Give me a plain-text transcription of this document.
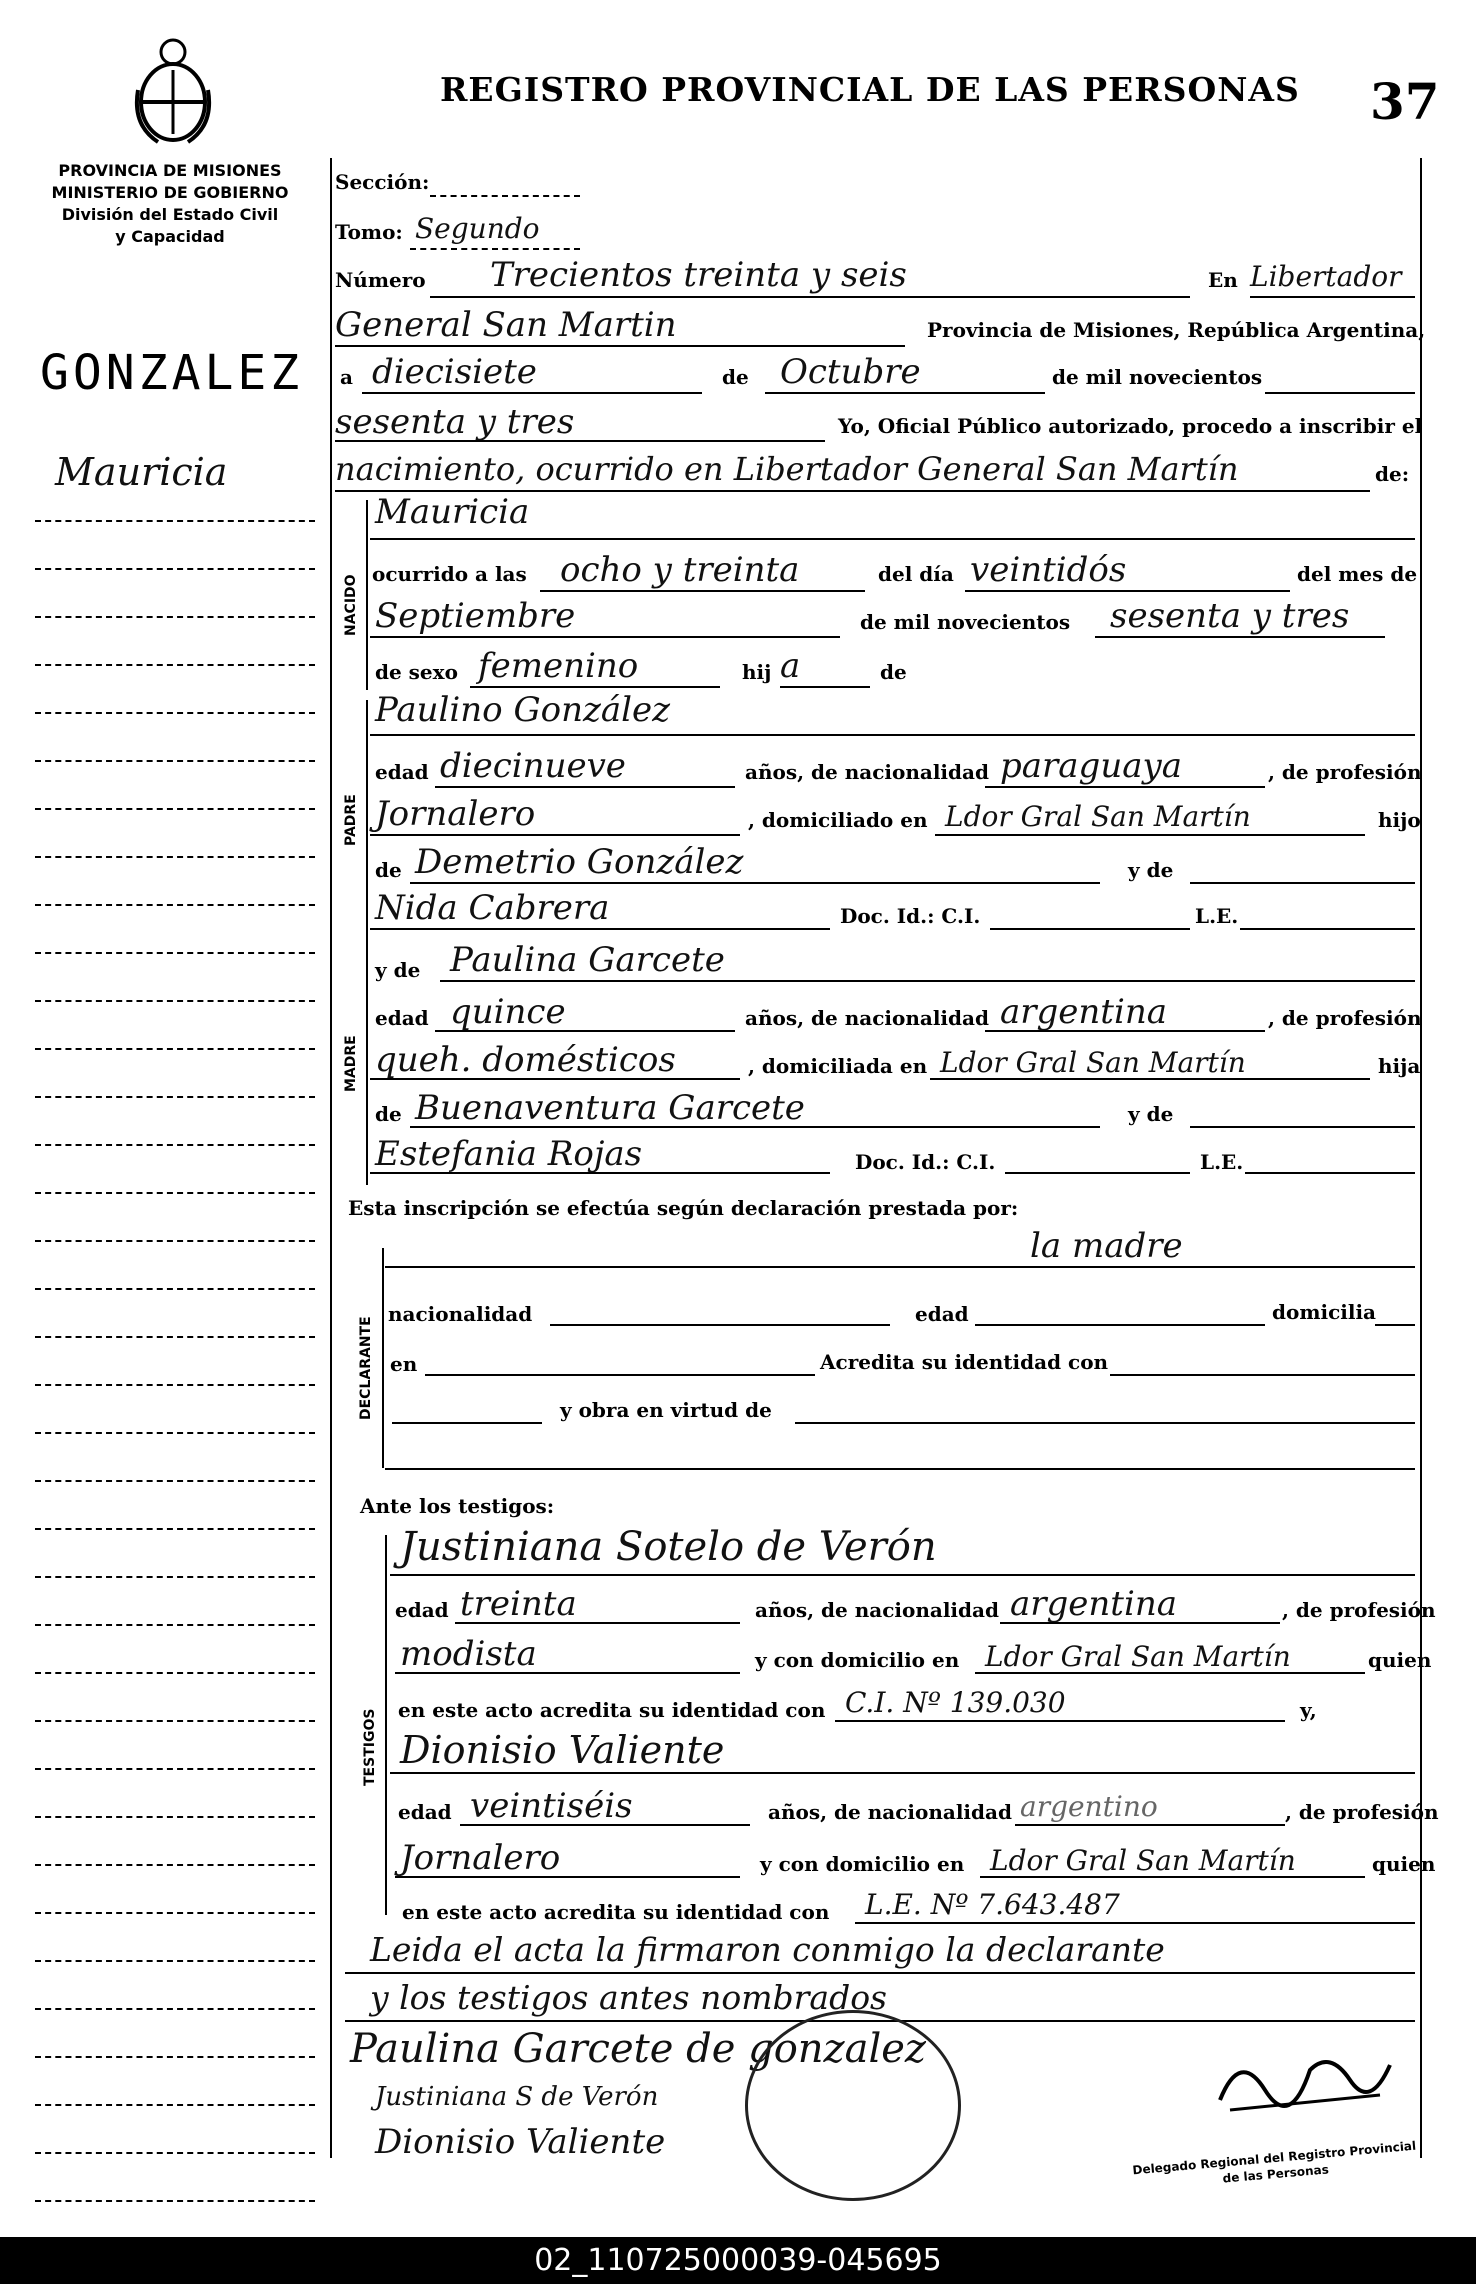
REGISTRO PROVINCIAL DE LAS PERSONAS 37
PROVINCIA DE MISIONES
MINISTERIO DE GOBIERNO
División del Estado Civil
y Capacidad
GONZALEZ
Mauricia
Sección:
Tomo: Segundo
Número Trecientos treinta y seis	En Libertador
General San Martin	Provincia de Misiones, República Argentina,
a diecisiete	de Octubre	de mil novecientos
sesenta y tres	Yo, Oficial Público autorizado, procedo a inscribir el
nacimiento, ocurrido en Libertador General San Martín	de:
NACIDO
Mauricia
ocurrido a las ocho y treinta	del día veintidós	del mes de
Septiembre	de mil novecientos sesenta y tres
de sexo femenino	hij a	de
PADRE
Paulino González
edad diecinueve	años, de nacionalidad paraguaya	, de profesión
Jornalero	, domiciliado en Ldor Gral San Martín	hijo
de Demetrio González	y de
Nida Cabrera	Doc. Id.: C.I.	L.E.
MADRE
y de Paulina Garcete
edad quince	años, de nacionalidad argentina	, de profesión
queh. domésticos	, domiciliada en Ldor Gral San Martín	hija
de Buenaventura Garcete	y de
Estefania Rojas	Doc. Id.: C.I.	L.E.
Esta inscripción se efectúa según declaración prestada por:
DECLARANTE
la madre
nacionalidad	edad	domicilia
en	Acredita su identidad con
y obra en virtud de
Ante los testigos:
TESTIGOS
Justiniana Sotelo de Verón
edad treinta	años, de nacionalidad argentina	, de profesión
modista	y con domicilio en Ldor Gral San Martín	quien
en este acto acredita su identidad con C.I. Nº 139.030	y,
Dionisio Valiente
edad veintiséis	años, de nacionalidad argentino	, de profesión
Jornalero	y con domicilio en Ldor Gral San Martín	quien
en este acto acredita su identidad con L.E. Nº 7.643.487
Leida el acta la firmaron conmigo la declarante
y los testigos antes nombrados
Paulina Garcete de gonzalez
Justiniana S de Verón
Dionisio Valiente	Delegado Regional del Registro Provincial de las Personas
02_110725000039-045695
